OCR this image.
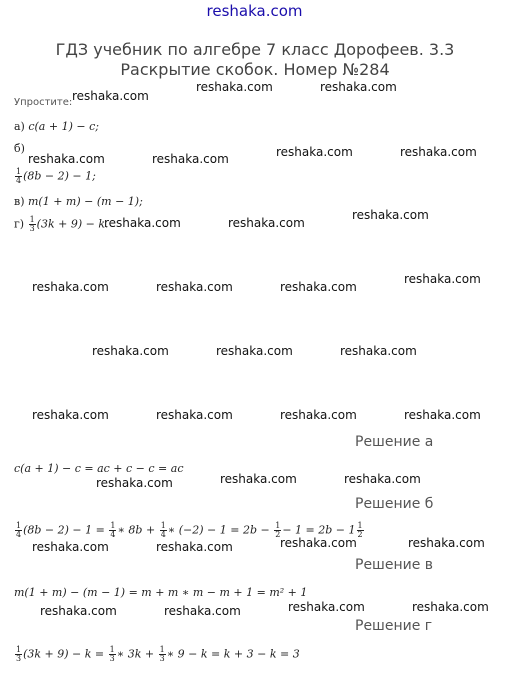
reshaka.com
ГДЗ учебник по алгебре 7 класс Дорофеев. 3.3 Раскрытие скобок. Номер №284
Упростите:
а) c(a + 1) − c;
б)
$\frac{1}{4} (8b - 2) - 1$;
в) m(1 + m) − (m − 1);
$г) \frac{1}{3} (3k + 9) - k$.
Решение а
c(a + 1) − c = ac + c − c = ac
Решение б
$\frac{1}{4} (8b - 2) - 1 = \frac{1}{4}$ ∗ $8b + \frac{1}{4}$ ∗ $(-2) - 1 = 2b - \frac{1}{2} - 1 = 2b - 1 \frac{1}{2}$
Решение в
m(1 + m) − (m − 1) = m + m ∗ m − m + 1 = m² + 1
Решение г
$\frac{1}{3} (3k + 9) - k = \frac{1}{3}$ ∗ $3k + \frac{1}{3}$ ∗ 9 − k = k + 3 − k = 3
reshaka.com
reshaka.com	reshaka.com
reshaka.com	reshaka.com	reshaka.com	reshaka.com
reshaka.com	reshaka.com
reshaka.com
reshaka.com	reshaka.com	reshaka.com
reshaka.com
reshaka.com	reshaka.com	reshaka.com
reshaka.com	reshaka.com	reshaka.com	reshaka.com
reshaka.com	reshaka.com	reshaka.com
reshaka.com	reshaka.com	reshaka.com	reshaka.com
reshaka.com	reshaka.com	reshaka.com	reshaka.com
